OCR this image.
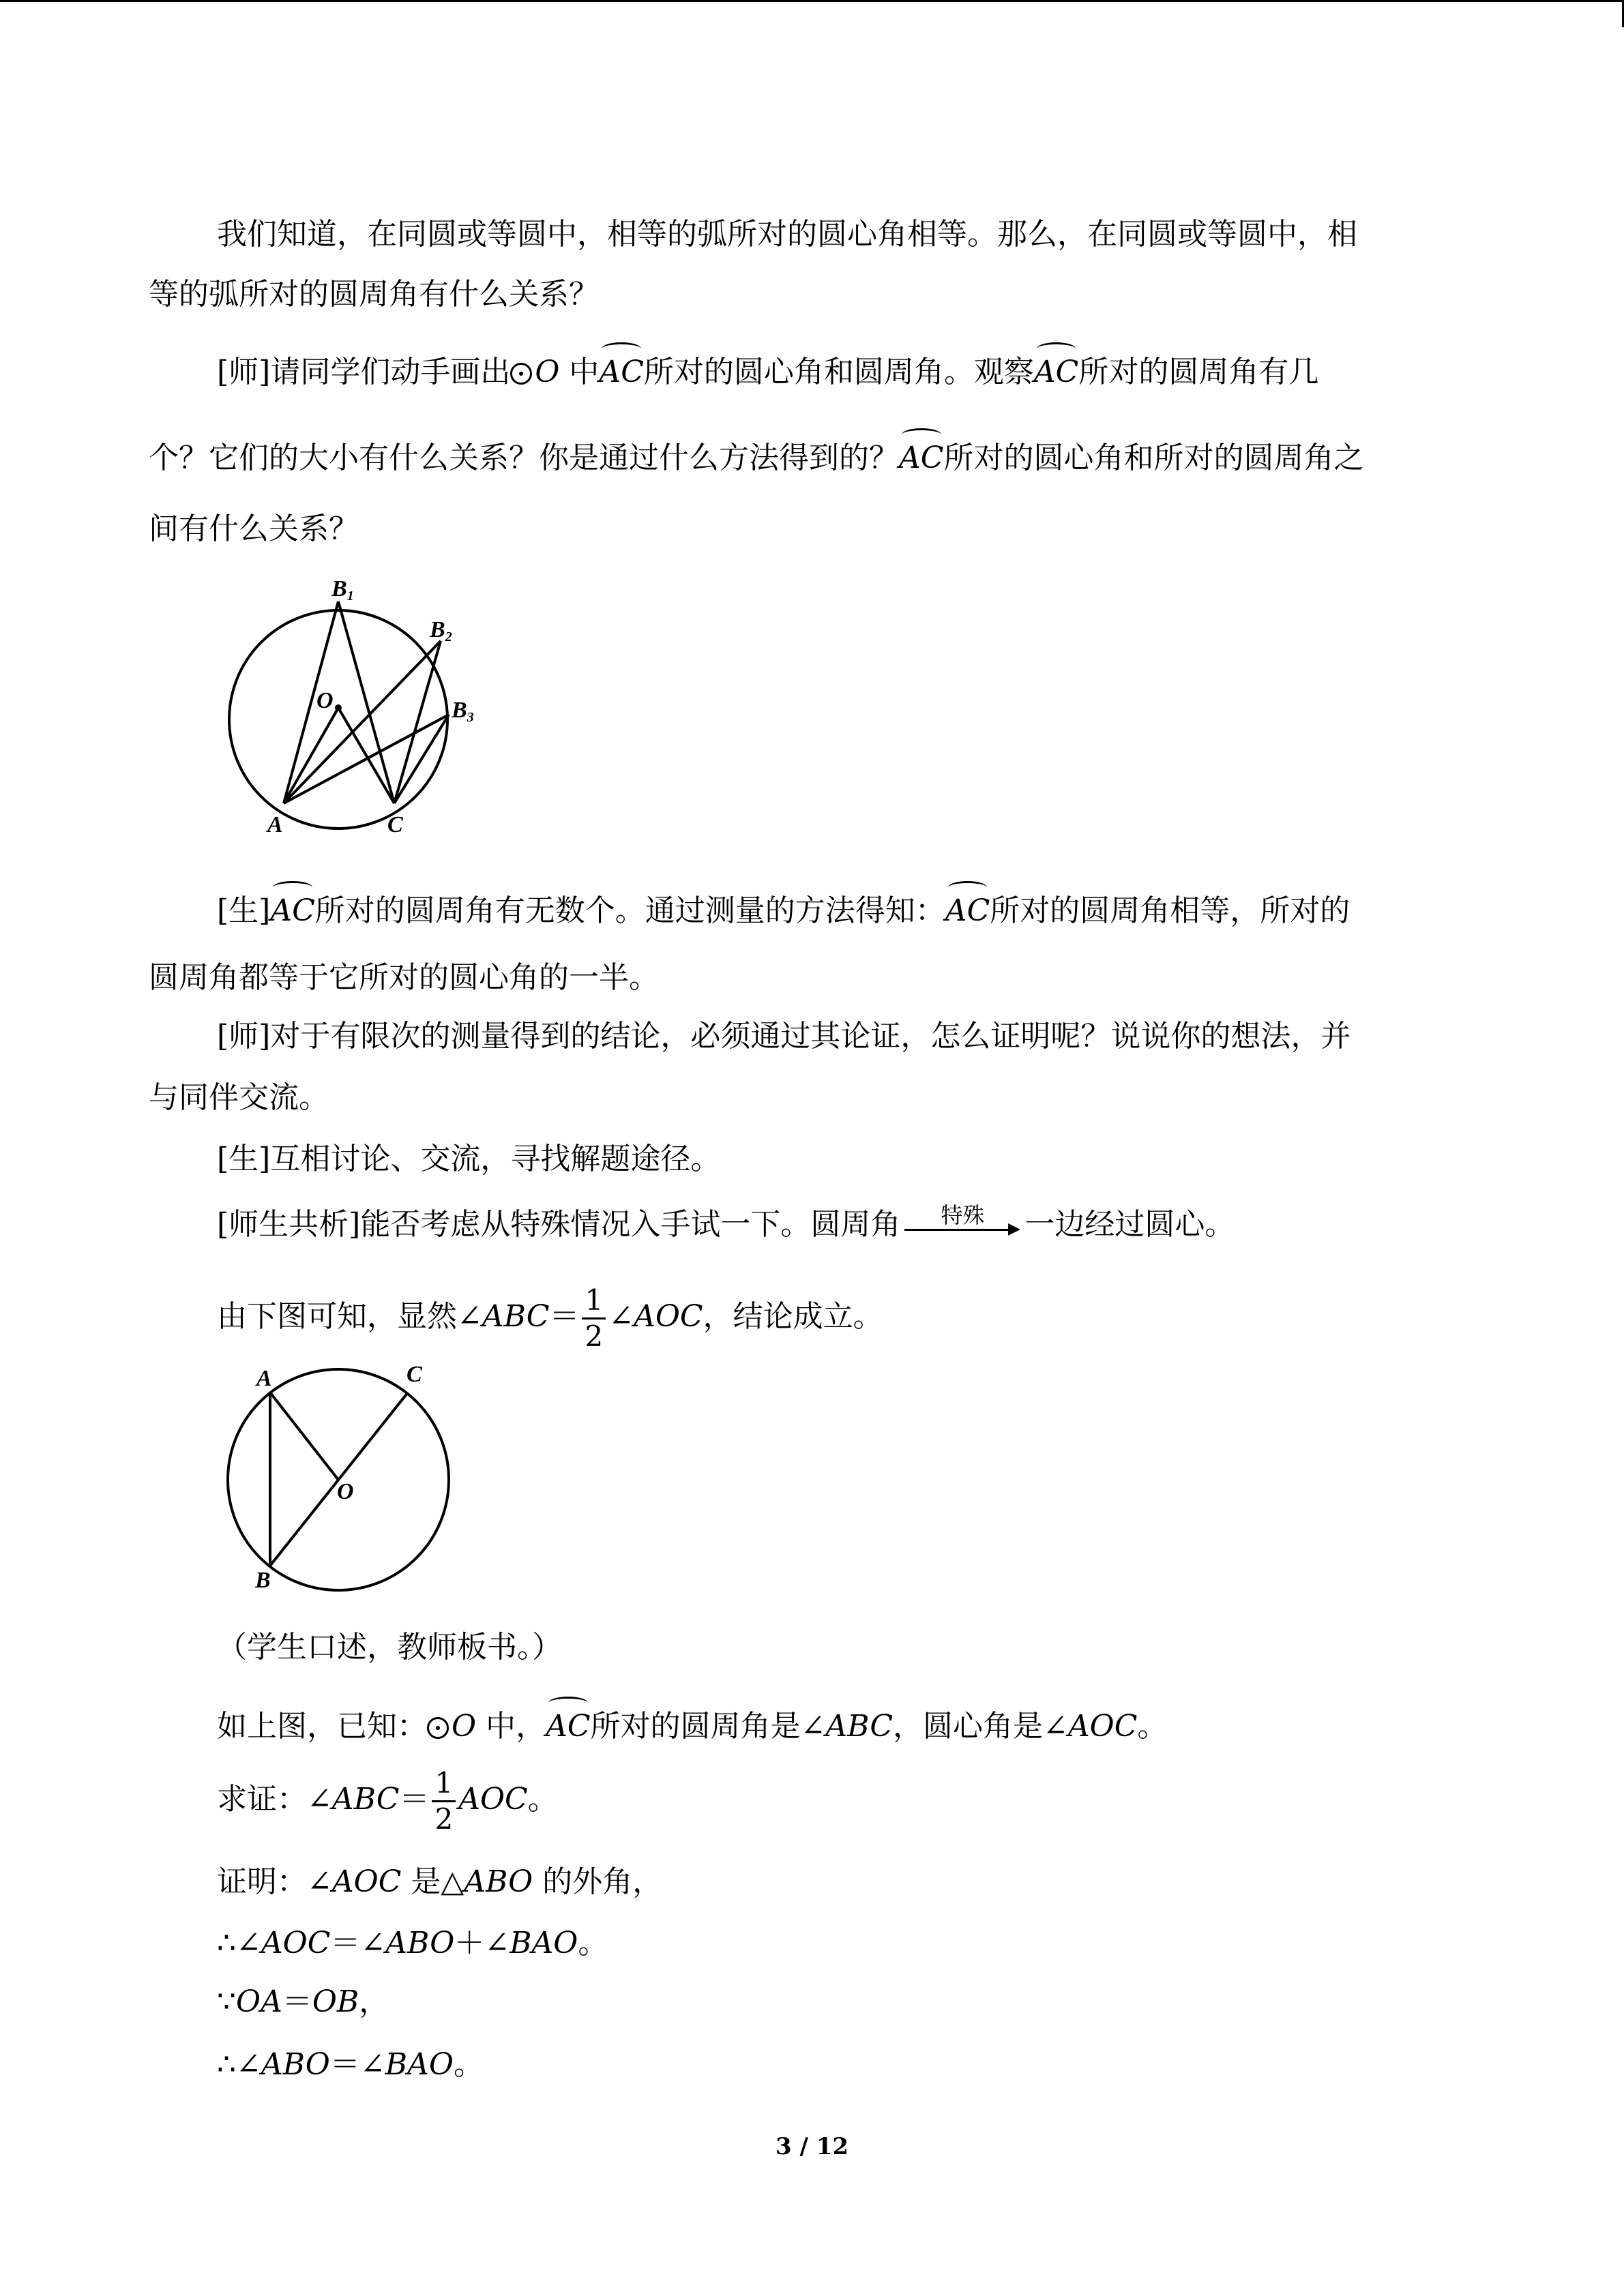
我们知道，在同圆或等圆中，相等的弧所对的圆心角相等。那么，在同圆或等圆中，相
等的弧所对的圆周角有什么关系？
[师]请同学们动手画出 O 中AC所对的圆心角和圆周角。观察AC所对的圆周角有几
个？它们的大小有什么关系？你是通过什么方法得到的？AC所对的圆心角和所对的圆周角之
间有什么关系？
B1
B2
B3
O
A	C
[生]AC所对的圆周角有无数个。通过测量的方法得知：AC所对的圆周角相等，所对的
圆周角都等于它所对的圆心角的一半。
[师]对于有限次的测量得到的结论，必须通过其论证，怎么证明呢？说说你的想法，并
与同伴交流。
[生]互相讨论、交流，寻找解题途径。
[师生共析]能否考虑从特殊情况入手试一下。圆周角	特殊	一边经过圆心。
由下图可知，显然∠ABC＝ $\frac{1}{2}$ ∠AOC，结论成立。
A	C
O
B
（学生口述，教师板书。）
如上图，已知： O 中，AC所对的圆周角是∠ABC，圆心角是∠AOC。
求证：∠ABC＝ $\frac{1}{2}$ AOC。
证明：∠AOC 是△ABO 的外角，
∴∠AOC＝∠ABO＋∠BAO。
∵OA＝OB，
∴∠ABO＝∠BAO。
3 / 12
